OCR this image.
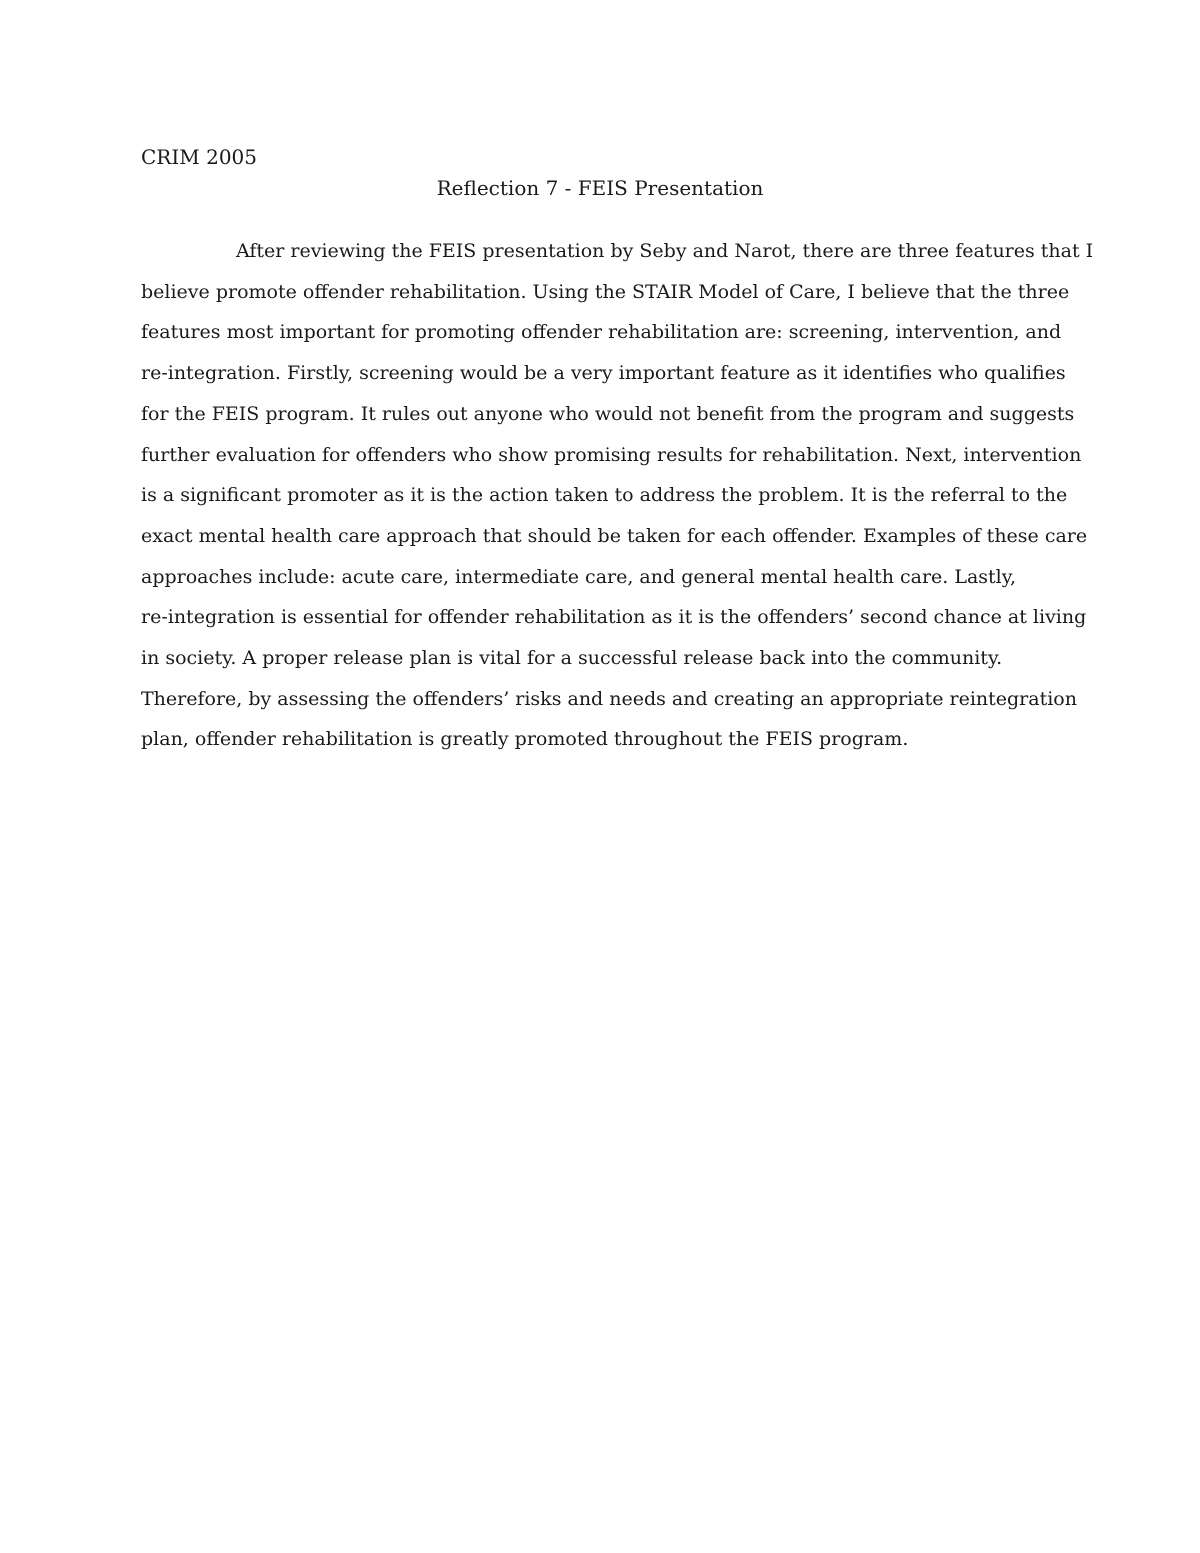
CRIM 2005
Reflection 7 - FEIS Presentation
After reviewing the FEIS presentation by Seby and Narot, there are three features that I
believe promote offender rehabilitation. Using the STAIR Model of Care, I believe that the three
features most important for promoting offender rehabilitation are: screening, intervention, and
re-integration. Firstly, screening would be a very important feature as it identifies who qualifies
for the FEIS program. It rules out anyone who would not benefit from the program and suggests
further evaluation for offenders who show promising results for rehabilitation. Next, intervention
is a significant promoter as it is the action taken to address the problem. It is the referral to the
exact mental health care approach that should be taken for each offender. Examples of these care
approaches include: acute care, intermediate care, and general mental health care. Lastly,
re-integration is essential for offender rehabilitation as it is the offenders’ second chance at living
in society. A proper release plan is vital for a successful release back into the community.
Therefore, by assessing the offenders’ risks and needs and creating an appropriate reintegration
plan, offender rehabilitation is greatly promoted throughout the FEIS program.
